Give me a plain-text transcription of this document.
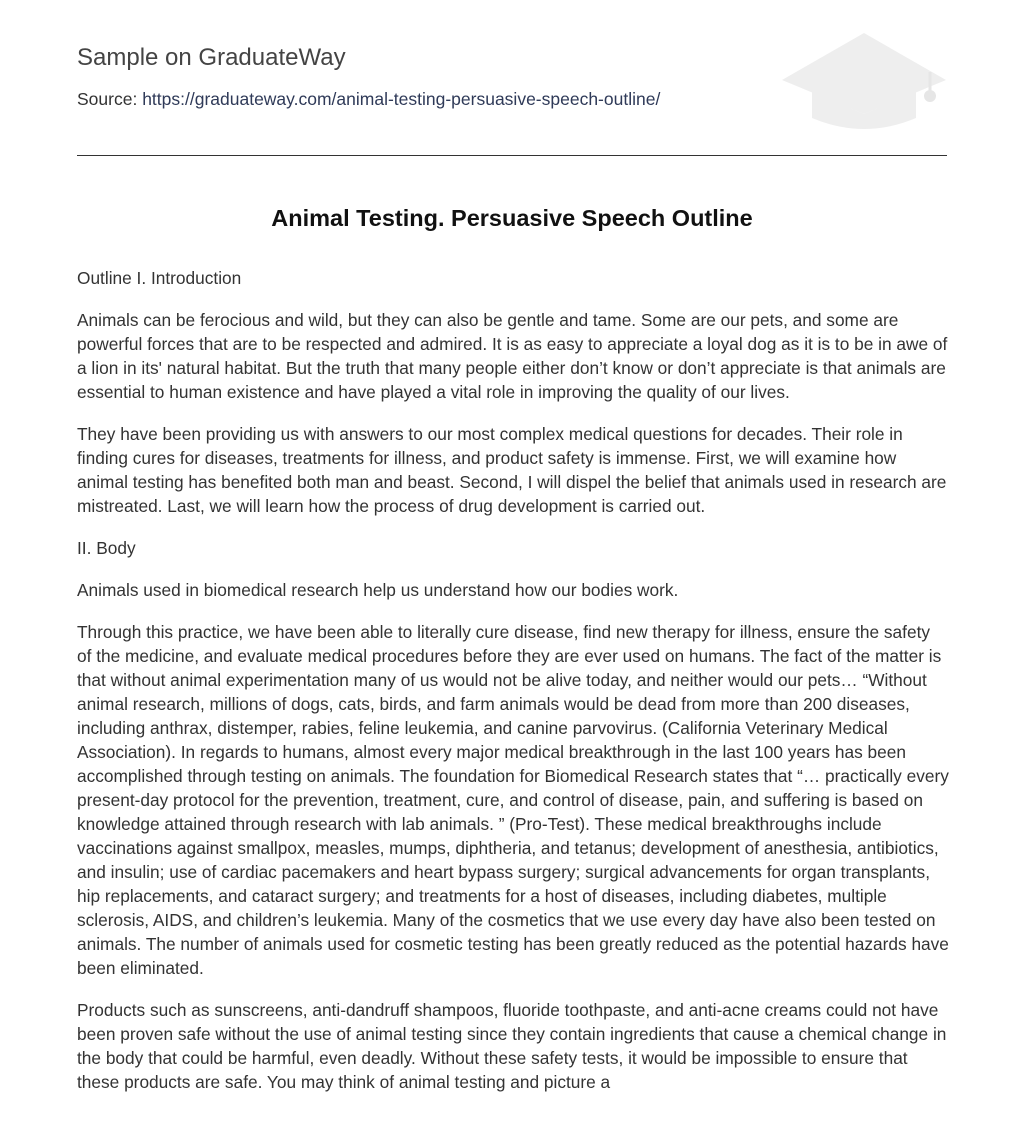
Sample on GraduateWay
Source: https://graduateway.com/animal-testing-persuasive-speech-outline/
Animal Testing. Persuasive Speech Outline

Outline I. Introduction

Animals can be ferocious and wild, but they can also be gentle and tame. Some are our pets, and some are powerful forces that are to be respected and admired. It is as easy to appreciate a loyal dog as it is to be in awe of a lion in its' natural habitat. But the truth that many people either don’t know or don’t appreciate is that animals are essential to human existence and have played a vital role in improving the quality of our lives.

They have been providing us with answers to our most complex medical questions for decades. Their role in finding cures for diseases, treatments for illness, and product safety is immense. First, we will examine how animal testing has benefited both man and beast. Second, I will dispel the belief that animals used in research are mistreated. Last, we will learn how the process of drug development is carried out.

II. Body

Animals used in biomedical research help us understand how our bodies work.

Through this practice, we have been able to literally cure disease, find new therapy for illness, ensure the safety of the medicine, and evaluate medical procedures before they are ever used on humans. The fact of the matter is that without animal experimentation many of us would not be alive today, and neither would our pets… “Without animal research, millions of dogs, cats, birds, and farm animals would be dead from more than 200 diseases, including anthrax, distemper, rabies, feline leukemia, and canine parvovirus. (California Veterinary Medical Association). In regards to humans, almost every major medical breakthrough in the last 100 years has been accomplished through testing on animals. The foundation for Biomedical Research states that “… practically every present-day protocol for the prevention, treatment, cure, and control of disease, pain, and suffering is based on knowledge attained through research with lab animals. ” (Pro-Test). These medical breakthroughs include vaccinations against smallpox, measles, mumps, diphtheria, and tetanus; development of anesthesia, antibiotics, and insulin; use of cardiac pacemakers and heart bypass surgery; surgical advancements for organ transplants, hip replacements, and cataract surgery; and treatments for a host of diseases, including diabetes, multiple sclerosis, AIDS, and children’s leukemia. Many of the cosmetics that we use every day have also been tested on animals. The number of animals used for cosmetic testing has been greatly reduced as the potential hazards have been eliminated.

Products such as sunscreens, anti-dandruff shampoos, fluoride toothpaste, and anti-acne creams could not have been proven safe without the use of animal testing since they contain ingredients that cause a chemical change in the body that could be harmful, even deadly. Without these safety tests, it would be impossible to ensure that these products are safe. You may think of animal testing and picture a
